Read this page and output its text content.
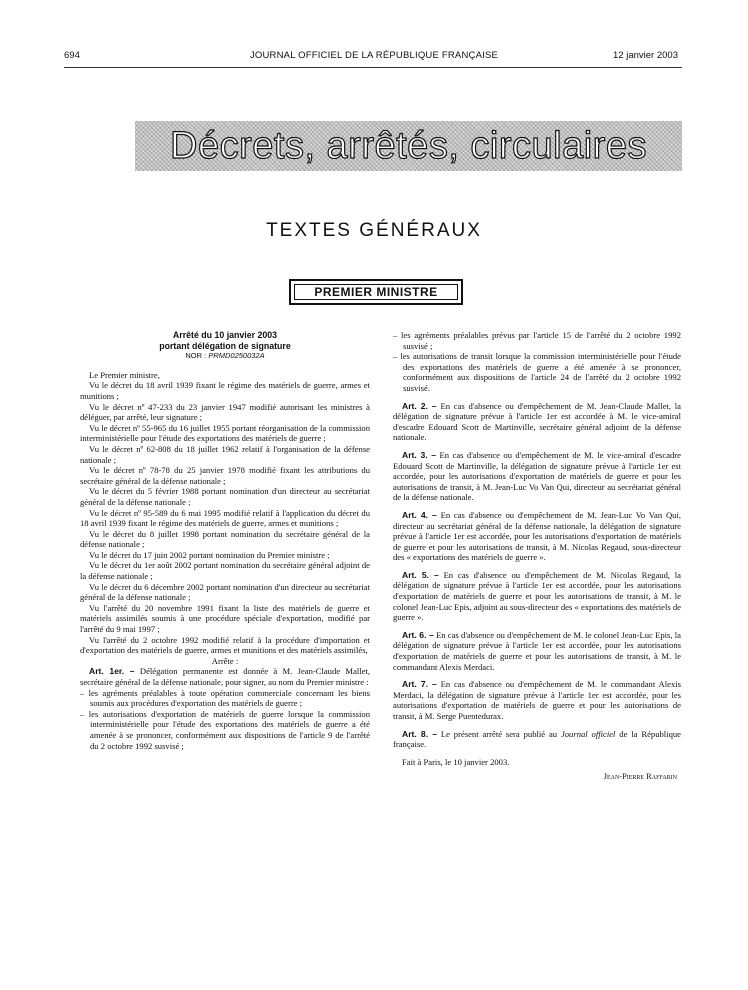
694	JOURNAL OFFICIEL DE LA RÉPUBLIQUE FRANÇAISE	12 janvier 2003
Décrets, arrêtés, circulaires
TEXTES GÉNÉRAUX
PREMIER MINISTRE

Arrêté du 10 janvier 2003

portant délégation de signature

NOR : PRMD0250032A

Le Premier ministre,

Vu le décret du 18 avril 1939 fixant le régime des matériels de guerre, armes et munitions ;

Vu le décret nº 47-233 du 23 janvier 1947 modifié autorisant les ministres à déléguer, par arrêté, leur signature ;

Vu le décret nº 55-965 du 16 juillet 1955 portant réorganisation de la commission interministérielle pour l'étude des exportations des matériels de guerre ;

Vu le décret nº 62-808 du 18 juillet 1962 relatif à l'organisation de la défense nationale ;

Vu le décret nº 78-78 du 25 janvier 1978 modifié fixant les attributions du secrétaire général de la défense nationale ;

Vu le décret du 5 février 1988 portant nomination d'un directeur au secrétariat général de la défense nationale ;

Vu le décret nº 95-589 du 6 mai 1995 modifié relatif à l'application du décret du 18 avril 1939 fixant le régime des matériels de guerre, armes et munitions ;

Vu le décret du 8 juillet 1998 portant nomination du secrétaire général de la défense nationale ;

Vu le décret du 17 juin 2002 portant nomination du Premier ministre ;

Vu le décret du 1er août 2002 portant nomination du secrétaire général adjoint de la défense nationale ;

Vu le décret du 6 décembre 2002 portant nomination d'un directeur au secrétariat général de la défense nationale ;

Vu l'arrêté du 20 novembre 1991 fixant la liste des matériels de guerre et matériels assimilés soumis à une procédure spéciale d'exportation, modifié par l'arrêté du 9 mai 1997 ;

Vu l'arrêté du 2 octobre 1992 modifié relatif à la procédure d'importation et d'exportation des matériels de guerre, armes et munitions et des matériels assimilés,

Arrête :

Art. 1er. – Délégation permanente est donnée à M. Jean-Claude Mallet, secrétaire général de la défense nationale, pour signer, au nom du Premier ministre :

– les agréments préalables à toute opération commerciale concernant les biens soumis aux procédures d'exportation des matériels de guerre ;

– les autorisations d'exportation de matériels de guerre lorsque la commission interministérielle pour l'étude des exportations des matériels de guerre a été amenée à se prononcer, conformément aux dispositions de l'article 9 de l'arrêté du 2 octobre 1992 susvisé ;

– les agréments préalables prévus par l'article 15 de l'arrêté du 2 octobre 1992 susvisé ;

– les autorisations de transit lorsque la commission interministérielle pour l'étude des exportations des matériels de guerre a été amenée à se prononcer, conformément aux dispositions de l'article 24 de l'arrêté du 2 octobre 1992 susvisé.

Art. 2. – En cas d'absence ou d'empêchement de M. Jean-Claude Mallet, la délégation de signature prévue à l'article 1er est accordée à M. le vice-amiral d'escadre Edouard Scott de Martinville, secrétaire général adjoint de la défense nationale.

Art. 3. – En cas d'absence ou d'empêchement de M. le vice-amiral d'escadre Edouard Scott de Martinville, la délégation de signature prévue à l'article 1er est accordée, pour les autorisations d'exportation de matériels de guerre et pour les autorisations de transit, à M. Jean-Luc Vo Van Qui, directeur au secrétariat général de la défense nationale.

Art. 4. – En cas d'absence ou d'empêchement de M. Jean-Luc Vo Van Qui, directeur au secrétariat général de la défense nationale, la délégation de signature prévue à l'article 1er est accordée, pour les autorisations d'exportation de matériels de guerre et pour les autorisations de transit, à M. Nicolas Regaud, sous-directeur des « exportations des matériels de guerre ».

Art. 5. – En cas d'absence ou d'empêchement de M. Nicolas Regaud, la délégation de signature prévue à l'article 1er est accordée, pour les autorisations d'exportation de matériels de guerre et pour les autorisations de transit, à M. le colonel Jean-Luc Epis, adjoint au sous-directeur des « exportations des matériels de guerre ».

Art. 6. – En cas d'absence ou d'empêchement de M. le colonel Jean-Luc Epis, la délégation de signature prévue à l'article 1er est accordée, pour les autorisations d'exportation de matériels de guerre et pour les autorisations de transit, à M. le commandant Alexis Merdaci.

Art. 7. – En cas d'absence ou d'empêchement de M. le commandant Alexis Merdaci, la délégation de signature prévue à l'article 1er est accordée, pour les autorisations d'exportation de matériels de guerre et pour les autorisations de transit, à M. Serge Puentedurax.

Art. 8. – Le présent arrêté sera publié au Journal officiel de la République française.

Fait à Paris, le 10 janvier 2003.

Jean-Pierre Raffarin
